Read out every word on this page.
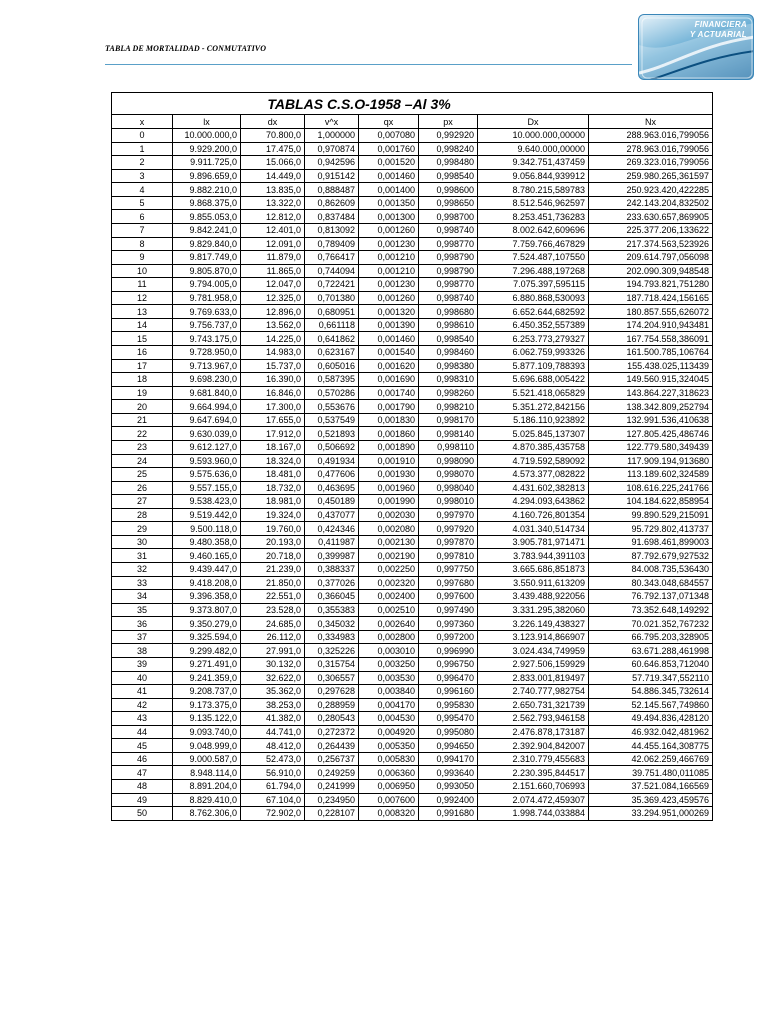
TABLA DE MORTALIDAD - CONMUTATIVO
FINANCIERA
Y ACTUARIAL
		TABLAS C.S.O-1958 –Al 3%					
x	lx	dx	v^x	qx	px	Dx	Nx
0	10.000.000,0	70.800,0	1,000000	0,007080	0,992920	10.000.000,00000	288.963.016,799056
1	9.929.200,0	17.475,0	0,970874	0,001760	0,998240	9.640.000,00000	278.963.016,799056
2	9.911.725,0	15.066,0	0,942596	0,001520	0,998480	9.342.751,437459	269.323.016,799056
3	9.896.659,0	14.449,0	0,915142	0,001460	0,998540	9.056.844,939912	259.980.265,361597
4	9.882.210,0	13.835,0	0,888487	0,001400	0,998600	8.780.215,589783	250.923.420,422285
5	9.868.375,0	13.322,0	0,862609	0,001350	0,998650	8.512.546,962597	242.143.204,832502
6	9.855.053,0	12.812,0	0,837484	0,001300	0,998700	8.253.451,736283	233.630.657,869905
7	9.842.241,0	12.401,0	0,813092	0,001260	0,998740	8.002.642,609696	225.377.206,133622
8	9.829.840,0	12.091,0	0,789409	0,001230	0,998770	7.759.766,467829	217.374.563,523926
9	9.817.749,0	11.879,0	0,766417	0,001210	0,998790	7.524.487,107550	209.614.797,056098
10	9.805.870,0	11.865,0	0,744094	0,001210	0,998790	7.296.488,197268	202.090.309,948548
11	9.794.005,0	12.047,0	0,722421	0,001230	0,998770	7.075.397,595115	194.793.821,751280
12	9.781.958,0	12.325,0	0,701380	0,001260	0,998740	6.880.868,530093	187.718.424,156165
13	9.769.633,0	12.896,0	0,680951	0,001320	0,998680	6.652.644,682592	180.857.555,626072
14	9.756.737,0	13.562,0	0,661118	0,001390	0,998610	6.450.352,557389	174.204.910,943481
15	9.743.175,0	14.225,0	0,641862	0,001460	0,998540	6.253.773,279327	167.754.558,386091
16	9.728.950,0	14.983,0	0,623167	0,001540	0,998460	6.062.759,993326	161.500.785,106764
17	9.713.967,0	15.737,0	0,605016	0,001620	0,998380	5.877.109,788393	155.438.025,113439
18	9.698.230,0	16.390,0	0,587395	0,001690	0,998310	5.696.688,005422	149.560.915,324045
19	9.681.840,0	16.846,0	0,570286	0,001740	0,998260	5.521.418,065829	143.864.227,318623
20	9.664.994,0	17.300,0	0,553676	0,001790	0,998210	5.351.272,842156	138.342.809,252794
21	9.647.694,0	17.655,0	0,537549	0,001830	0,998170	5.186.110,923892	132.991.536,410638
22	9.630.039,0	17.912,0	0,521893	0,001860	0,998140	5.025.845,137307	127.805.425,486746
23	9.612.127,0	18.167,0	0,506692	0,001890	0,998110	4.870.385,435758	122.779.580,349439
24	9.593.960,0	18.324,0	0,491934	0,001910	0,998090	4.719.592,589092	117.909.194,913680
25	9.575.636,0	18.481,0	0,477606	0,001930	0,998070	4.573.377,082822	113.189.602,324589
26	9.557.155,0	18.732,0	0,463695	0,001960	0,998040	4.431.602,382813	108.616.225,241766
27	9.538.423,0	18.981,0	0,450189	0,001990	0,998010	4.294.093,643862	104.184.622,858954
28	9.519.442,0	19.324,0	0,437077	0,002030	0,997970	4.160.726,801354	99.890.529,215091
29	9.500.118,0	19.760,0	0,424346	0,002080	0,997920	4.031.340,514734	95.729.802,413737
30	9.480.358,0	20.193,0	0,411987	0,002130	0,997870	3.905.781,971471	91.698.461,899003
31	9.460.165,0	20.718,0	0,399987	0,002190	0,997810	3.783.944,391103	87.792.679,927532
32	9.439.447,0	21.239,0	0,388337	0,002250	0,997750	3.665.686,851873	84.008.735,536430
33	9.418.208,0	21.850,0	0,377026	0,002320	0,997680	3.550.911,613209	80.343.048,684557
34	9.396.358,0	22.551,0	0,366045	0,002400	0,997600	3.439.488,922056	76.792.137,071348
35	9.373.807,0	23.528,0	0,355383	0,002510	0,997490	3.331.295,382060	73.352.648,149292
36	9.350.279,0	24.685,0	0,345032	0,002640	0,997360	3.226.149,438327	70.021.352,767232
37	9.325.594,0	26.112,0	0,334983	0,002800	0,997200	3.123.914,866907	66.795.203,328905
38	9.299.482,0	27.991,0	0,325226	0,003010	0,996990	3.024.434,749959	63.671.288,461998
39	9.271.491,0	30.132,0	0,315754	0,003250	0,996750	2.927.506,159929	60.646.853,712040
40	9.241.359,0	32.622,0	0,306557	0,003530	0,996470	2.833.001,819497	57.719.347,552110
41	9.208.737,0	35.362,0	0,297628	0,003840	0,996160	2.740.777,982754	54.886.345,732614
42	9.173.375,0	38.253,0	0,288959	0,004170	0,995830	2.650.731,321739	52.145.567,749860
43	9.135.122,0	41.382,0	0,280543	0,004530	0,995470	2.562.793,946158	49.494.836,428120
44	9.093.740,0	44.741,0	0,272372	0,004920	0,995080	2.476.878,173187	46.932.042,481962
45	9.048.999,0	48.412,0	0,264439	0,005350	0,994650	2.392.904,842007	44.455.164,308775
46	9.000.587,0	52.473,0	0,256737	0,005830	0,994170	2.310.779,455683	42.062.259,466769
47	8.948.114,0	56.910,0	0,249259	0,006360	0,993640	2.230.395,844517	39.751.480,011085
48	8.891.204,0	61.794,0	0,241999	0,006950	0,993050	2.151.660,706993	37.521.084,166569
49	8.829.410,0	67.104,0	0,234950	0,007600	0,992400	2.074.472,459307	35.369.423,459576
50	8.762.306,0	72.902,0	0,228107	0,008320	0,991680	1.998.744,033884	33.294.951,000269
